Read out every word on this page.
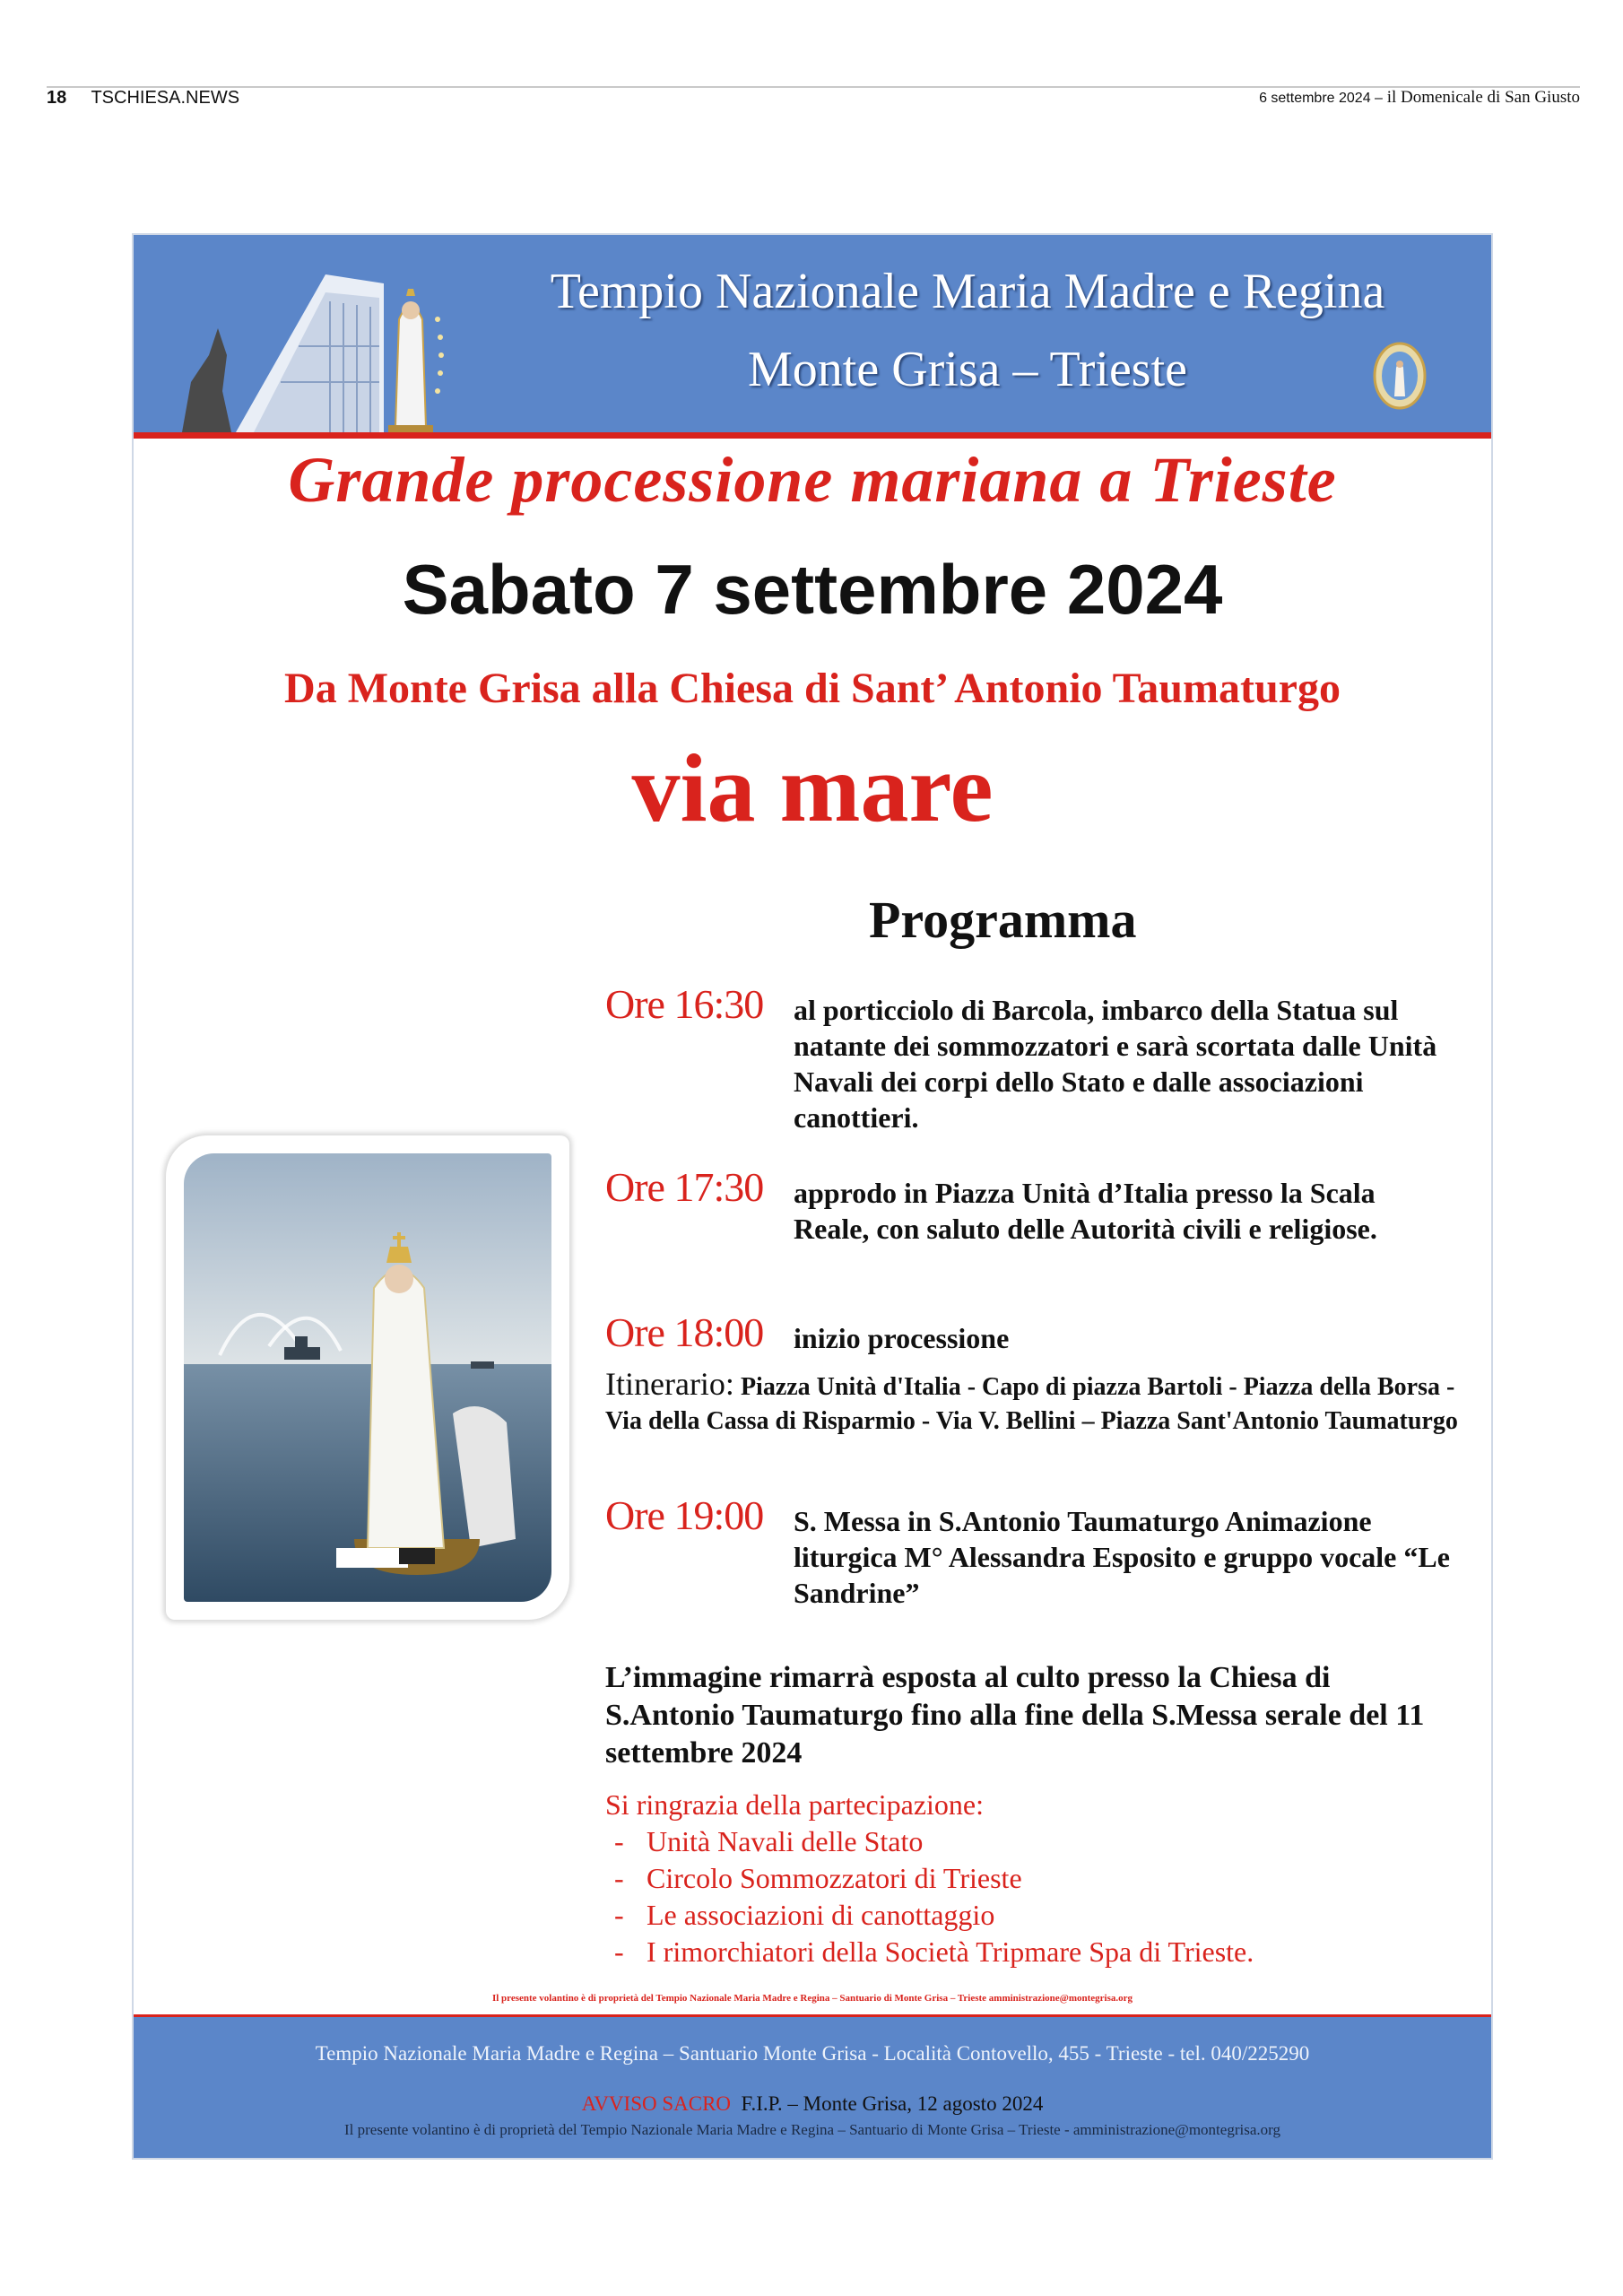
18 TSCHIESA.NEWS	6 settembre 2024 – il Domenicale di San Giusto
Tempio Nazionale Maria Madre e Regina
Monte Grisa – Trieste
Grande processione mariana a Trieste
Sabato 7 settembre 2024
Da Monte Grisa alla Chiesa di Sant’ Antonio Taumaturgo
via mare
Programma
Ore 16:30 al porticciolo di Barcola, imbarco della Statua sul natante dei sommozzatori e sarà scortata dalle Unità Navali dei corpi dello Stato e dalle associazioni canottieri.
Ore 17:30 approdo in Piazza Unità d’Italia presso la Scala Reale, con saluto delle Autorità civili e religiose.
Ore 18:00 inizio processione
Itinerario: Piazza Unità d'Italia - Capo di piazza Bartoli - Piazza della Borsa - Via della Cassa di Risparmio - Via V. Bellini – Piazza Sant'Antonio Taumaturgo
Ore 19:00 S. Messa in S.Antonio Taumaturgo Animazione liturgica M° Alessandra Esposito e gruppo vocale “Le Sandrine”
L’immagine rimarrà esposta al culto presso la Chiesa di S.Antonio Taumaturgo fino alla fine della S.Messa serale del 11 settembre 2024
Si ringrazia della partecipazione:
- Unità Navali delle Stato
- Circolo Sommozzatori di Trieste
- Le associazioni di canottaggio
- I rimorchiatori della Società Tripmare Spa di Trieste.
Il presente volantino è di proprietà del Tempio Nazionale Maria Madre e Regina – Santuario di Monte Grisa – Trieste amministrazione@montegrisa.org
Tempio Nazionale Maria Madre e Regina – Santuario Monte Grisa - Località Contovello, 455 - Trieste - tel. 040/225290
AVVISO SACRO F.I.P. – Monte Grisa, 12 agosto 2024
Il presente volantino è di proprietà del Tempio Nazionale Maria Madre e Regina – Santuario di Monte Grisa – Trieste - amministrazione@montegrisa.org
